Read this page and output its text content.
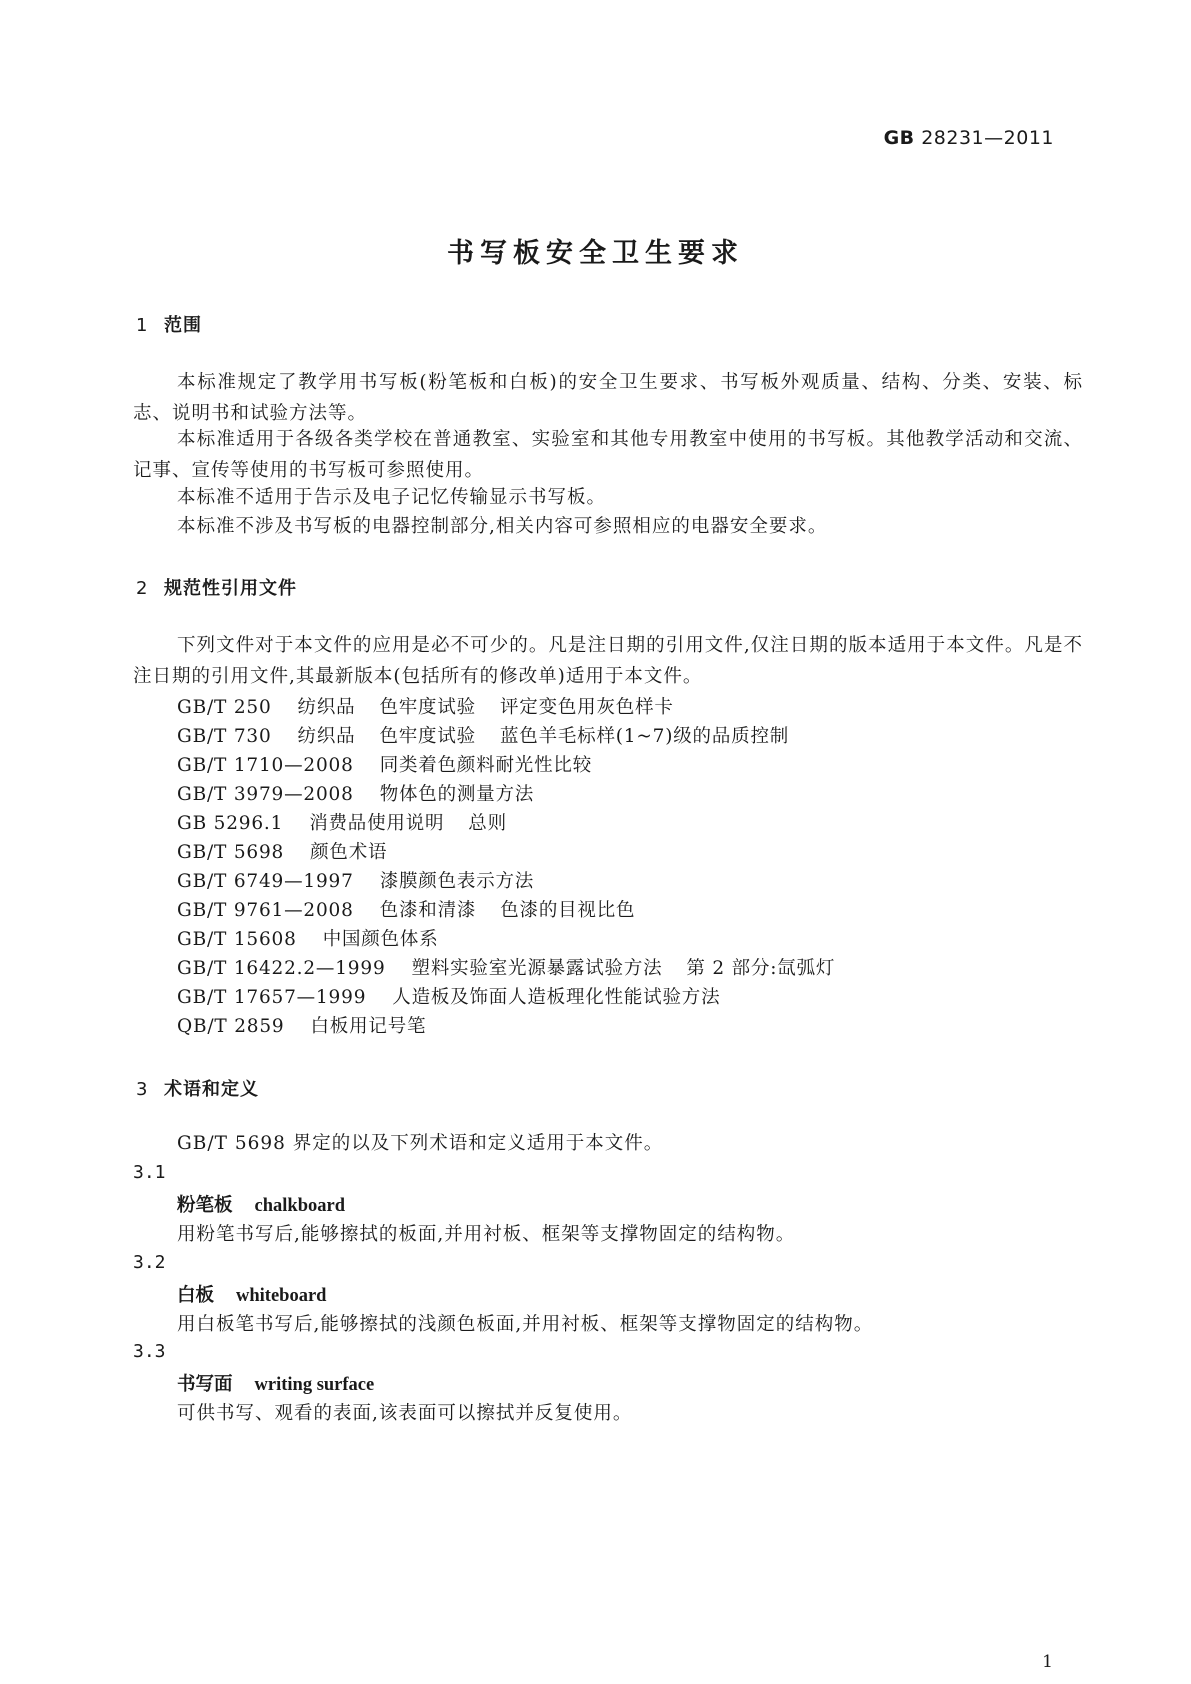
GB 28231—2011
书写板安全卫生要求
1 范围

本标准规定了教学用书写板(粉笔板和白板)的安全卫生要求、书写板外观质量、结构、分类、安装、标志、说明书和试验方法等。

本标准适用于各级各类学校在普通教室、实验室和其他专用教室中使用的书写板。其他教学活动和交流、记事、宣传等使用的书写板可参照使用。

本标准不适用于告示及电子记忆传输显示书写板。

本标准不涉及书写板的电器控制部分,相关内容可参照相应的电器安全要求。

2 规范性引用文件

下列文件对于本文件的应用是必不可少的。凡是注日期的引用文件,仅注日期的版本适用于本文件。凡是不注日期的引用文件,其最新版本(包括所有的修改单)适用于本文件。

GB/T 250 纺织品 色牢度试验 评定变色用灰色样卡
GB/T 730 纺织品 色牢度试验 蓝色羊毛标样(1~7)级的品质控制
GB/T 1710—2008 同类着色颜料耐光性比较
GB/T 3979—2008 物体色的测量方法
GB 5296.1 消费品使用说明 总则
GB/T 5698 颜色术语
GB/T 6749—1997 漆膜颜色表示方法
GB/T 9761—2008 色漆和清漆 色漆的目视比色
GB/T 15608 中国颜色体系
GB/T 16422.2—1999 塑料实验室光源暴露试验方法 第 2 部分:氙弧灯
GB/T 17657—1999 人造板及饰面人造板理化性能试验方法
QB/T 2859 白板用记号笔
3 术语和定义

GB/T 5698 界定的以及下列术语和定义适用于本文件。

3.1
粉笔板 chalkboard
用粉笔书写后,能够擦拭的板面,并用衬板、框架等支撑物固定的结构物。
3.2
白板 whiteboard
用白板笔书写后,能够擦拭的浅颜色板面,并用衬板、框架等支撑物固定的结构物。
3.3
书写面 writing surface
可供书写、观看的表面,该表面可以擦拭并反复使用。
1
